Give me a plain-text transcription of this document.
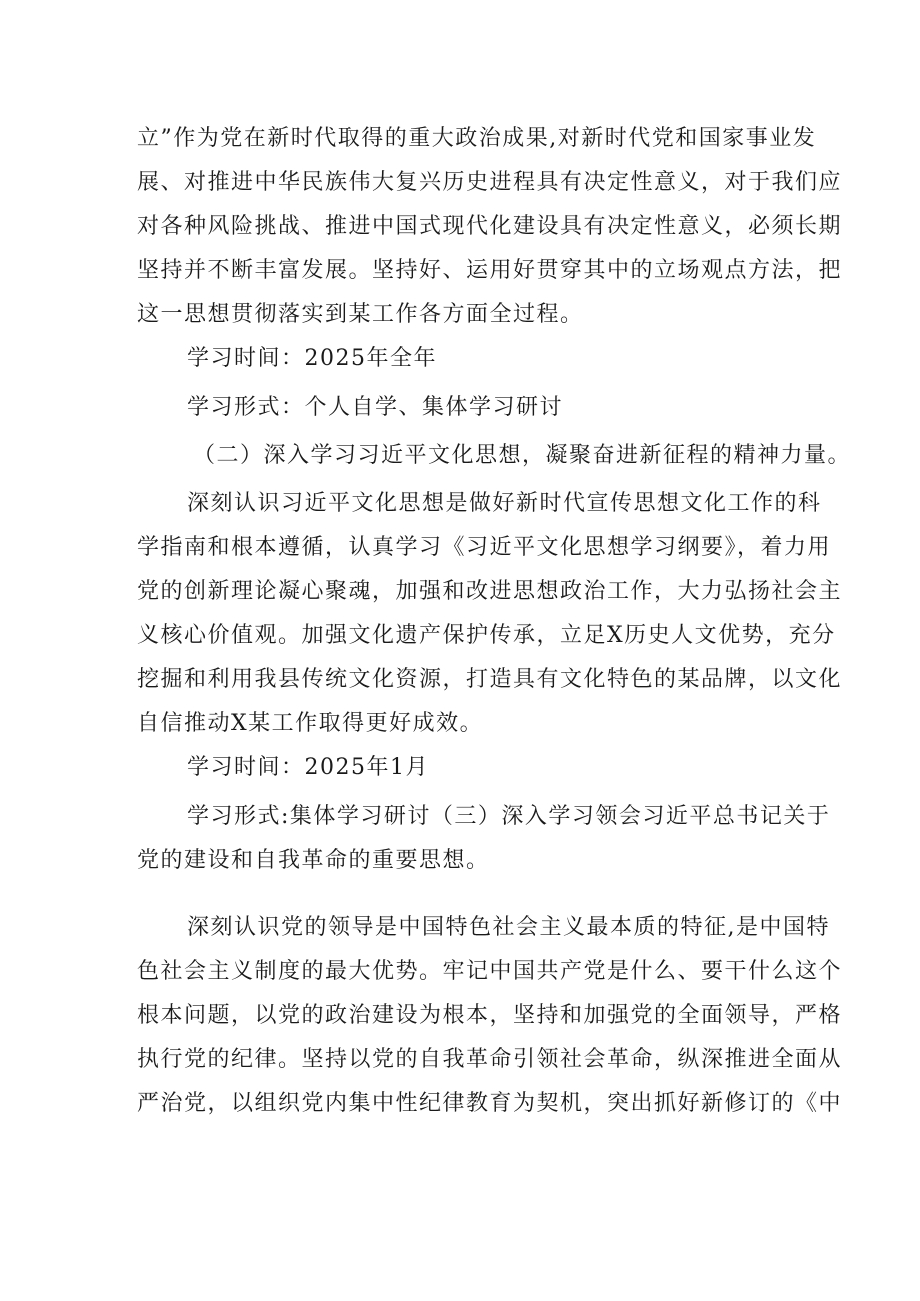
立”作为党在新时代取得的重大政治成果,对新时代党和国家事业发
展、对推进中华民族伟大复兴历史进程具有决定性意义，对于我们应
对各种风险挑战、推进中国式现代化建设具有决定性意义，必须长期
坚持并不断丰富发展。坚持好、运用好贯穿其中的立场观点方法，把
这一思想贯彻落实到某工作各方面全过程。
学习时间：2025年全年
学习形式：个人自学、集体学习研讨
（二）深入学习习近平文化思想，凝聚奋进新征程的精神力量。
深刻认识习近平文化思想是做好新时代宣传思想文化工作的科
学指南和根本遵循，认真学习《习近平文化思想学习纲要》，着力用
党的创新理论凝心聚魂，加强和改进思想政治工作，大力弘扬社会主
义核心价值观。加强文化遗产保护传承，立足X历史人文优势，充分
挖掘和利用我县传统文化资源，打造具有文化特色的某品牌，以文化
自信推动X某工作取得更好成效。
学习时间：2025年1月
学习形式:集体学习研讨（三）深入学习领会习近平总书记关于
党的建设和自我革命的重要思想。
深刻认识党的领导是中国特色社会主义最本质的特征,是中国特
色社会主义制度的最大优势。牢记中国共产党是什么、要干什么这个
根本问题，以党的政治建设为根本，坚持和加强党的全面领导，严格
执行党的纪律。坚持以党的自我革命引领社会革命，纵深推进全面从
严治党，以组织党内集中性纪律教育为契机，突出抓好新修订的《中
